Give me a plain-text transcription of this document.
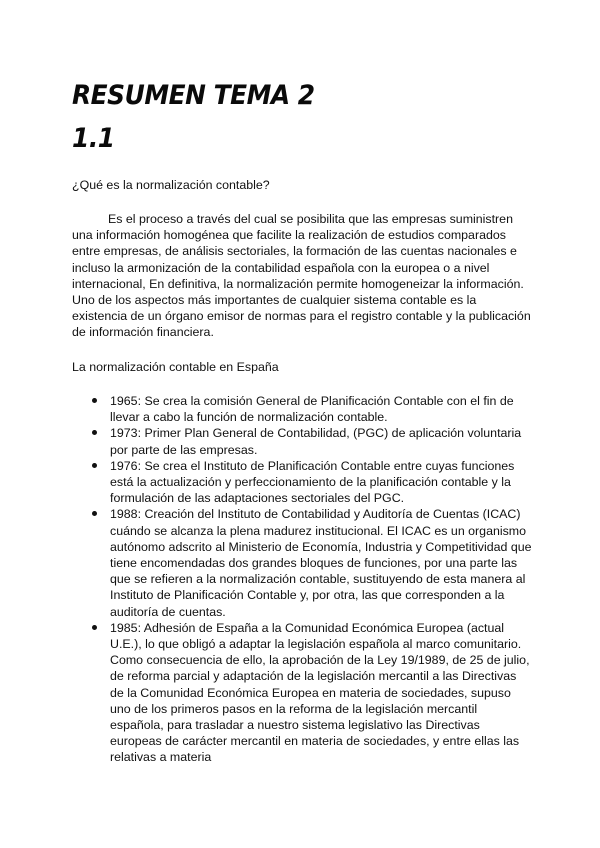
RESUMEN TEMA 2
1.1

¿Qué es la normalización contable?

Es el proceso a través del cual se posibilita que las empresas suministren una información homogénea que facilite la realización de estudios comparados entre empresas, de análisis sectoriales, la formación de las cuentas nacionales e incluso la armonización de la contabilidad española con la europea o a nivel internacional, En definitiva, la normalización permite homogeneizar la información. Uno de los aspectos más importantes de cualquier sistema contable es la existencia de un órgano emisor de normas para el registro contable y la publicación de información financiera.

La normalización contable en España

1965: Se crea la comisión General de Planificación Contable con el fin de llevar a cabo la función de normalización contable.
1973: Primer Plan General de Contabilidad, (PGC) de aplicación voluntaria por parte de las empresas.
1976: Se crea el Instituto de Planificación Contable entre cuyas funciones está la actualización y perfeccionamiento de la planificación contable y la formulación de las adaptaciones sectoriales del PGC.
1988: Creación del Instituto de Contabilidad y Auditoría de Cuentas (ICAC) cuándo se alcanza la plena madurez institucional. El ICAC es un organismo autónomo adscrito al Ministerio de Economía, Industria y Competitividad que tiene encomendadas dos grandes bloques de funciones, por una parte las que se refieren a la normalización contable, sustituyendo de esta manera al Instituto de Planificación Contable y, por otra, las que corresponden a la auditoría de cuentas.
1985: Adhesión de España a la Comunidad Económica Europea (actual U.E.), lo que obligó a adaptar la legislación española al marco comunitario. Como consecuencia de ello, la aprobación de la Ley 19/1989, de 25 de julio, de reforma parcial y adaptación de la legislación mercantil a las Directivas de la Comunidad Económica Europea en materia de sociedades, supuso uno de los primeros pasos en la reforma de la legislación mercantil española, para trasladar a nuestro sistema legislativo las Directivas europeas de carácter mercantil en materia de sociedades, y entre ellas las relativas a materia
